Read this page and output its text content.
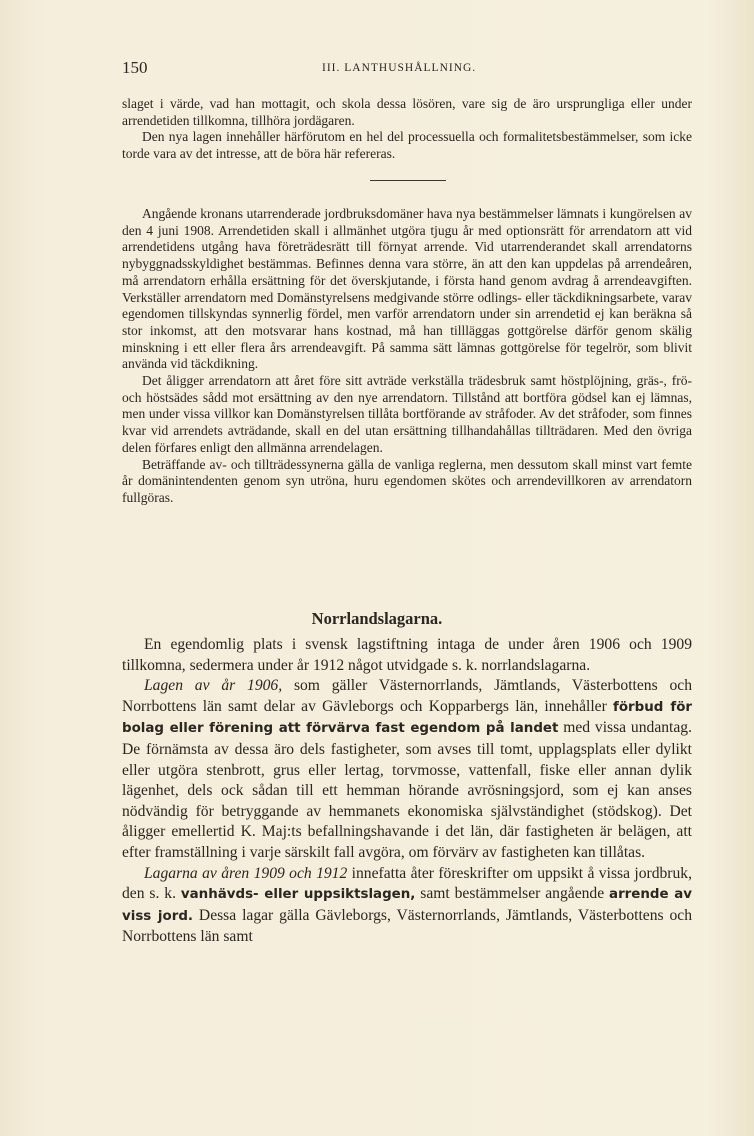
150	III. LANTHUSHÅLLNING.

slaget i värde, vad han mottagit, och skola dessa lösören, vare sig de äro ursprungliga eller under arrendetiden tillkomna, tillhöra jordägaren.

Den nya lagen innehåller härförutom en hel del processuella och formalitetsbestämmelser, som icke torde vara av det intresse, att de böra här refereras.

Angående kronans utarrenderade jordbruksdomäner hava nya bestämmelser lämnats i kungörelsen av den 4 juni 1908. Arrendetiden skall i allmänhet utgöra tjugu år med optionsrätt för arrendatorn att vid arrendetidens utgång hava företrädesrätt till förnyat arrende. Vid utarrenderandet skall arrendatorns nybyggnadsskyldighet bestämmas. Befinnes denna vara större, än att den kan uppdelas på arrendeåren, må arrendatorn erhålla ersättning för det överskjutande, i första hand genom avdrag å arrendeavgiften. Verkställer arrendatorn med Domänstyrelsens medgivande större odlings- eller täckdikningsarbete, varav egendomen tillskyndas synnerlig fördel, men varför arrendatorn under sin arrendetid ej kan beräkna så stor inkomst, att den motsvarar hans kostnad, må han tillläggas gottgörelse därför genom skälig minskning i ett eller flera års arrendeavgift. På samma sätt lämnas gottgörelse för tegelrör, som blivit använda vid täckdikning.

Det åligger arrendatorn att året före sitt avträde verkställa trädesbruk samt höstplöjning, gräs-, frö- och höstsädes sådd mot ersättning av den nye arrendatorn. Tillstånd att bortföra gödsel kan ej lämnas, men under vissa villkor kan Domänstyrelsen tillåta bortförande av stråfoder. Av det stråfoder, som finnes kvar vid arrendets avträdande, skall en del utan ersättning tillhandahållas tillträdaren. Med den övriga delen förfares enligt den allmänna arrendelagen.

Beträffande av- och tillträdessynerna gälla de vanliga reglerna, men dessutom skall minst vart femte år domänintendenten genom syn utröna, huru egendomen skötes och arrendevillkoren av arrendatorn fullgöras.

Norrlandslagarna.

En egendomlig plats i svensk lagstiftning intaga de under åren 1906 och 1909 tillkomna, sedermera under år 1912 något utvidgade s. k. norrlandslagarna.

Lagen av år 1906, som gäller Västernorrlands, Jämtlands, Västerbottens och Norrbottens län samt delar av Gävleborgs och Kopparbergs län, innehåller förbud för bolag eller förening att förvärva fast egendom på landet med vissa undantag. De förnämsta av dessa äro dels fastigheter, som avses till tomt, upplagsplats eller dylikt eller utgöra stenbrott, grus eller lertag, torvmosse, vattenfall, fiske eller annan dylik lägenhet, dels ock sådan till ett hemman hörande avrösningsjord, som ej kan anses nödvändig för betryggande av hemmanets ekonomiska självständighet (stödskog). Det åligger emellertid K. Maj:ts befallningshavande i det län, där fastigheten är belägen, att efter framställning i varje särskilt fall avgöra, om förvärv av fastigheten kan tillåtas.

Lagarna av åren 1909 och 1912 innefatta åter föreskrifter om uppsikt å vissa jordbruk, den s. k. vanhävds- eller uppsiktslagen, samt bestämmelser angående arrende av viss jord. Dessa lagar gälla Gävleborgs, Västernorrlands, Jämtlands, Västerbottens och Norrbottens län samt
